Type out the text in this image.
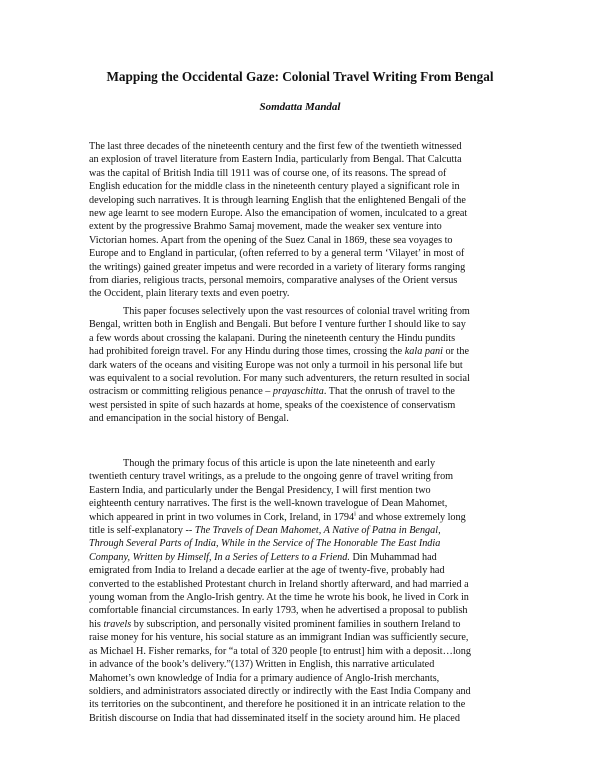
Mapping the Occidental Gaze: Colonial Travel Writing From Bengal
Somdatta Mandal
The last three decades of the nineteenth century and the first few of the twentieth witnessed
an explosion of travel literature from Eastern India, particularly from Bengal. That Calcutta
was the capital of British India till 1911 was of course one, of its reasons. The spread of
English education for the middle class in the nineteenth century played a significant role in
developing such narratives. It is through learning English that the enlightened Bengali of the
new age learnt to see modern Europe. Also the emancipation of women, inculcated to a great
extent by the progressive Brahmo Samaj movement, made the weaker sex venture into
Victorian homes. Apart from the opening of the Suez Canal in 1869, these sea voyages to
Europe and to England in particular, (often referred to by a general term ‘Vilayet’ in most of
the writings) gained greater impetus and were recorded in a variety of literary forms ranging
from diaries, religious tracts, personal memoirs, comparative analyses of the Orient versus
the Occident, plain literary texts and even poetry.
This paper focuses selectively upon the vast resources of colonial travel writing from
Bengal, written both in English and Bengali. But before I venture further I should like to say
a few words about crossing the kalapani. During the nineteenth century the Hindu pundits
had prohibited foreign travel. For any Hindu during those times, crossing the kala pani or the
dark waters of the oceans and visiting Europe was not only a turmoil in his personal life but
was equivalent to a social revolution. For many such adventurers, the return resulted in social
ostracism or committing religious penance – prayaschitta. That the onrush of travel to the
west persisted in spite of such hazards at home, speaks of the coexistence of conservatism
and emancipation in the social history of Bengal.
Though the primary focus of this article is upon the late nineteenth and early
twentieth century travel writings, as a prelude to the ongoing genre of travel writing from
Eastern India, and particularly under the Bengal Presidency, I will first mention two
eighteenth century narratives. The first is the well-known travelogue of Dean Mahomet,
which appeared in print in two volumes in Cork, Ireland, in 1794$^i$ and whose extremely long
title is self-explanatory -- The Travels of Dean Mahomet, A Native of Patna in Bengal,
Through Several Parts of India, While in the Service of The Honorable The East India
Company, Written by Himself, In a Series of Letters to a Friend. Din Muhammad had
emigrated from India to Ireland a decade earlier at the age of twenty-five, probably had
converted to the established Protestant church in Ireland shortly afterward, and had married a
young woman from the Anglo-Irish gentry. At the time he wrote his book, he lived in Cork in
comfortable financial circumstances. In early 1793, when he advertised a proposal to publish
his travels by subscription, and personally visited prominent families in southern Ireland to
raise money for his venture, his social stature as an immigrant Indian was sufficiently secure,
as Michael H. Fisher remarks, for “a total of 320 people [to entrust] him with a deposit…long
in advance of the book’s delivery.”(137) Written in English, this narrative articulated
Mahomet’s own knowledge of India for a primary audience of Anglo-Irish merchants,
soldiers, and administrators associated directly or indirectly with the East India Company and
its territories on the subcontinent, and therefore he positioned it in an intricate relation to the
British discourse on India that had disseminated itself in the society around him. He placed
